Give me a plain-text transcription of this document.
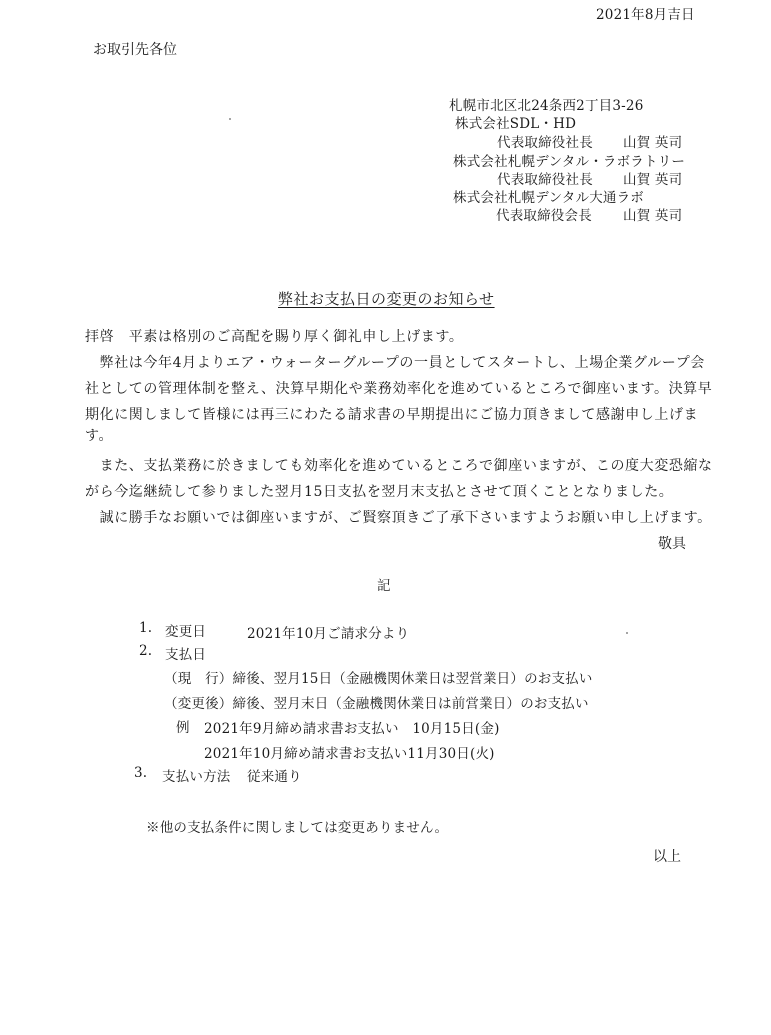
2021年8月吉日
お取引先各位
札幌市北区北24条西2丁目3-26
株式会社SDL・HD
代表取締役社長 山賀 英司
株式会社札幌デンタル・ラボラトリー
代表取締役社長 山賀 英司
株式会社札幌デンタル大通ラボ
代表取締役会長 山賀 英司
弊社お支払日の変更のお知らせ
拝啓　平素は格別のご高配を賜り厚く御礼申し上げます。
　弊社は今年4月よりエア・ウォーターグループの一員としてスタートし、上場企業グループ会
社としての管理体制を整え、決算早期化や業務効率化を進めているところで御座います。決算早
期化に関しまして皆様には再三にわたる請求書の早期提出にご協力頂きまして感謝申し上げま
す。
　また、支払業務に於きましても効率化を進めているところで御座いますが、この度大変恐縮な
がら今迄継続して参りました翌月15日支払を翌月末支払とさせて頂くこととなりました。
　誠に勝手なお願いでは御座いますが、ご賢察頂きご了承下さいますようお願い申し上げます。
敬具
記
1. 変更日	2021年10月ご請求分より
2. 支払日
（現　行）締後、翌月15日（金融機関休業日は翌営業日）のお支払い
（変更後）締後、翌月末日（金融機関休業日は前営業日）のお支払い
例 2021年9月締め請求書お支払い　10月15日(金)
2021年10月締め請求書お支払い11月30日(火)
3. 支払い方法 従来通り
※他の支払条件に関しましては変更ありません。
以上
